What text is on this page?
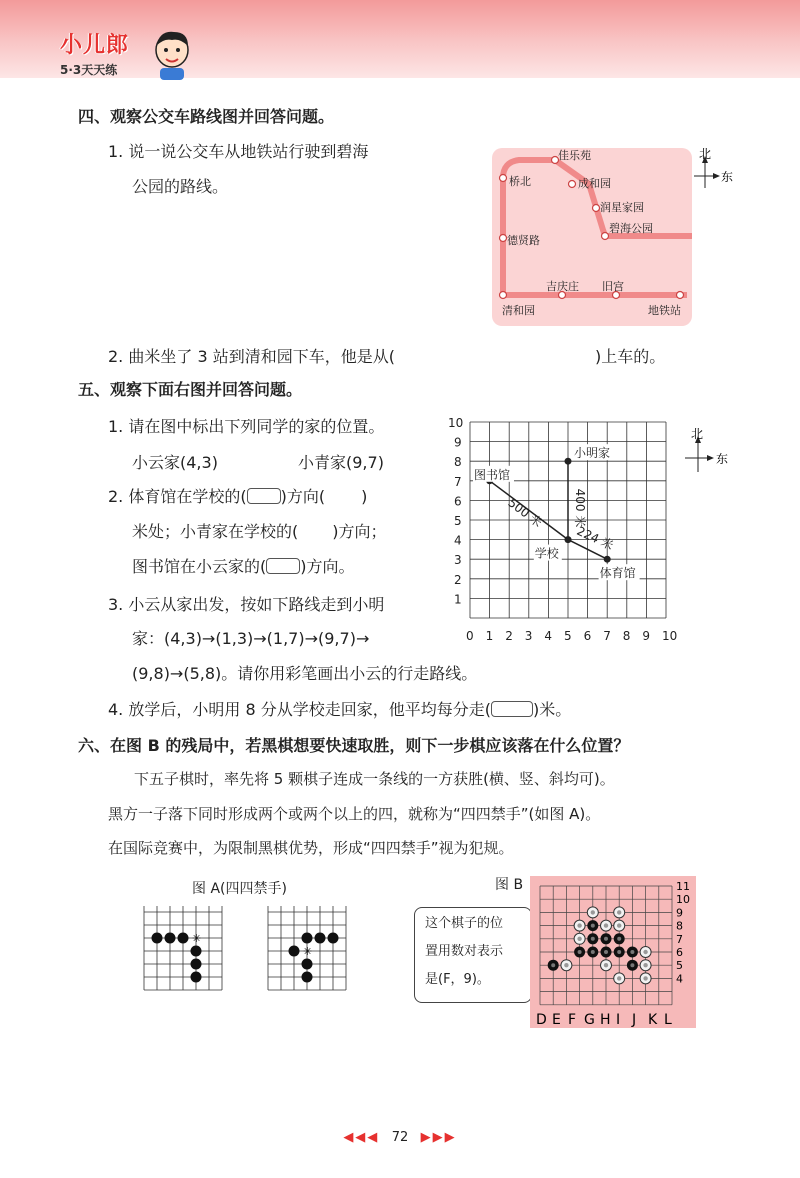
小儿郎
5·3天天练
四、观察公交车路线图并回答问题。
1. 说一说公交车从地铁站行驶到碧海
公园的路线。
佳乐苑
桥北	成和园
润星家园
碧海公园
德贤路
吉庆庄 旧宫
清和园	地铁站
北
东
2. 曲米坐了 3 站到清和园下车，他是从(	)上车的。
五、观察下面右图并回答问题。
1. 请在图中标出下列同学的家的位置。
小云家(4,3)	小青家(9,7)
2. 体育馆在学校的( )方向( )
米处；小青家在学校的( )方向；
图书馆在小云家的( )方向。
3. 小云从家出发，按如下路线走到小明
家：(4,3)→(1,3)→(1,7)→(9,7)→
(9,8)→(5,8)。请你用彩笔画出小云的行走路线。
4. 放学后，小明用 8 分从学校走回家，他平均每分走(	)米。
0 1 2 3 4 5 6 7 8 9 10
10
9
8
7
6
5
4
3
2
1
图书馆
小明家
学校
体育馆
500 米 400 米
224 米
北
东
六、在图 B 的残局中，若黑棋想要快速取胜，则下一步棋应该落在什么位置？
下五子棋时，率先将 5 颗棋子连成一条线的一方获胜(横、竖、斜均可)。
黑方一子落下同时形成两个或两个以上的四，就称为“四四禁手”(如图 A)。
在国际竞赛中，为限制黑棋优势，形成“四四禁手”视为犯规。
图 A(四四禁手)
✳
✳
图 B
这个棋子的位
置用数对表示
是(F，9)。
11
10
9
8
7
6
5
4
D E F G H I J K L
◀◀◀ 72 ▶▶▶
